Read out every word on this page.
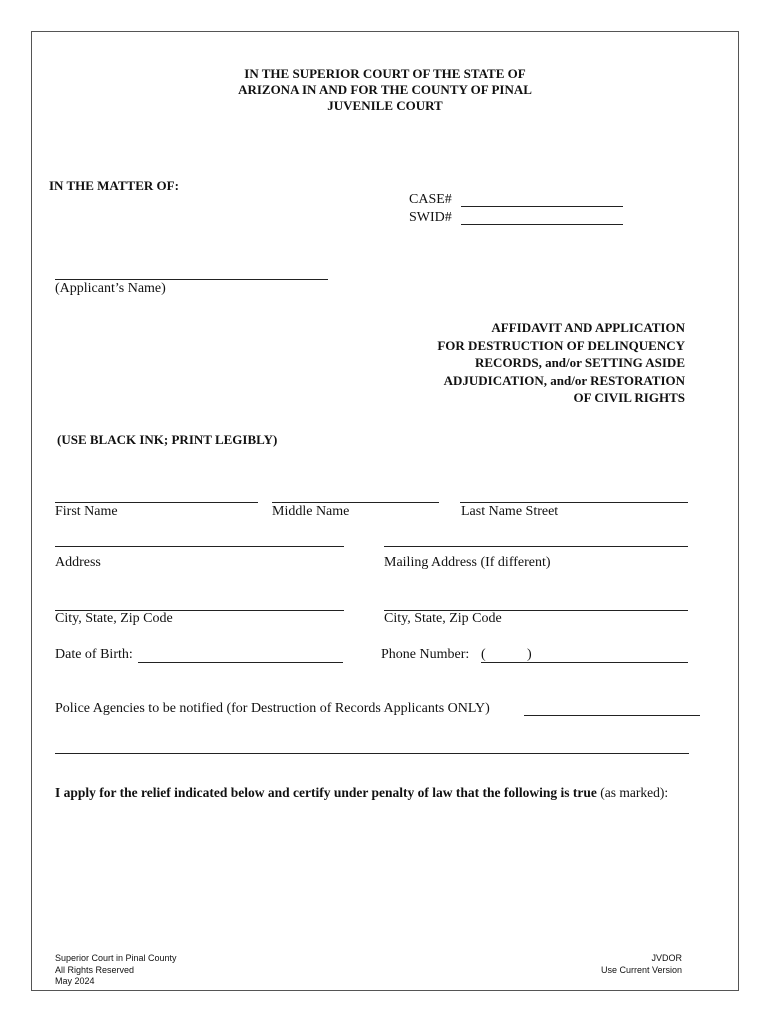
IN THE SUPERIOR COURT OF THE STATE OF
ARIZONA IN AND FOR THE COUNTY OF PINAL
JUVENILE COURT
IN THE MATTER OF:
CASE#
SWID#
(Applicant’s Name)
AFFIDAVIT AND APPLICATION
FOR DESTRUCTION OF DELINQUENCY
RECORDS, and/or SETTING ASIDE
ADJUDICATION, and/or RESTORATION
OF CIVIL RIGHTS
(USE BLACK INK; PRINT LEGIBLY)
First Name	Middle Name	Last Name Street
Address	Mailing Address (If different)
City, State, Zip Code	City, State, Zip Code
Date of Birth:	Phone Number: (	)
Police Agencies to be notified (for Destruction of Records Applicants ONLY)
I apply for the relief indicated below and certify under penalty of law that the following is true (as marked):
Superior Court in Pinal County
All Rights Reserved
May 2024
JVDOR
Use Current Version
